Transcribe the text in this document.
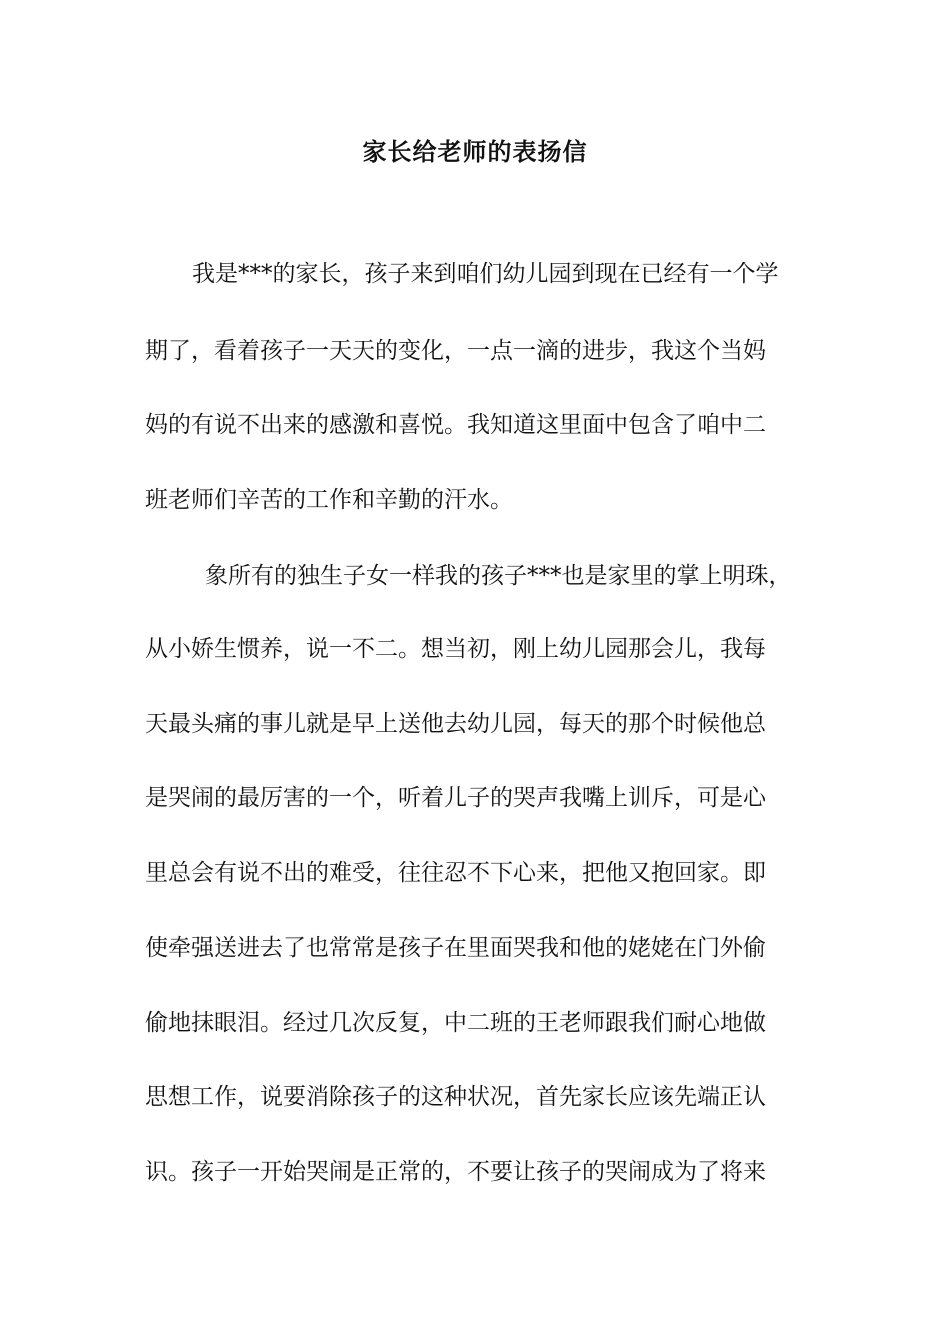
家长给老师的表扬信

我是***的家长，孩子来到咱们幼儿园到现在已经有一个学

期了，看着孩子一天天的变化，一点一滴的进步，我这个当妈

妈的有说不出来的感激和喜悦。我知道这里面中包含了咱中二

班老师们辛苦的工作和辛勤的汗水。

象所有的独生子女一样我的孩子***也是家里的掌上明珠，

从小娇生惯养，说一不二。想当初，刚上幼儿园那会儿，我每

天最头痛的事儿就是早上送他去幼儿园，每天的那个时候他总

是哭闹的最厉害的一个，听着儿子的哭声我嘴上训斥，可是心

里总会有说不出的难受，往往忍不下心来，把他又抱回家。即

使牵强送进去了也常常是孩子在里面哭我和他的姥姥在门外偷

偷地抹眼泪。经过几次反复，中二班的王老师跟我们耐心地做

思想工作，说要消除孩子的这种状况，首先家长应该先端正认

识。孩子一开始哭闹是正常的，不要让孩子的哭闹成为了将来
